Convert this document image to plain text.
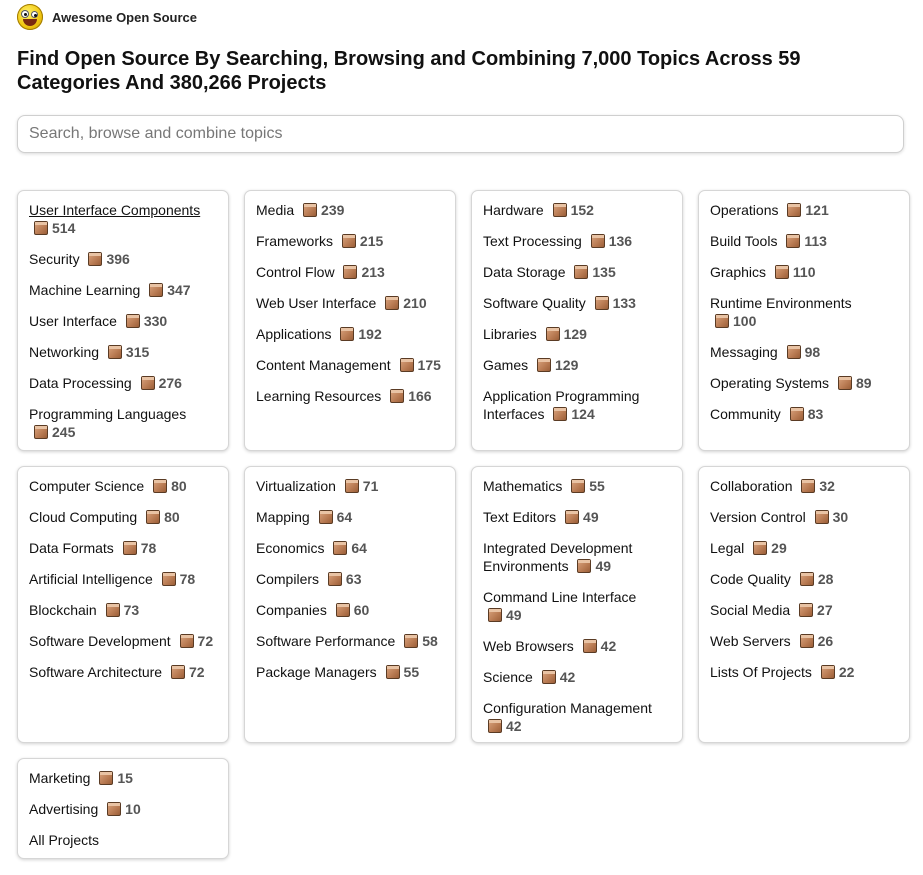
Awesome Open Source
Find Open Source By Searching, Browsing and Combining 7,000 Topics Across 59 Categories And 380,266 Projects
Search, browse and combine topics
User Interface Components 514
Security 396
Machine Learning 347
User Interface 330
Networking 315
Data Processing 276
Programming Languages 245
Media 239
Frameworks 215
Control Flow 213
Web User Interface 210
Applications 192
Content Management 175
Learning Resources 166
Hardware 152
Text Processing 136
Data Storage 135
Software Quality 133
Libraries 129
Games 129
Application Programming Interfaces 124
Operations 121
Build Tools 113
Graphics 110
Runtime Environments 100
Messaging 98
Operating Systems 89
Community 83
Computer Science 80
Cloud Computing 80
Data Formats 78
Artificial Intelligence 78
Blockchain 73
Software Development 72
Software Architecture 72
Virtualization 71
Mapping 64
Economics 64
Compilers 63
Companies 60
Software Performance 58
Package Managers 55
Mathematics 55
Text Editors 49
Integrated Development Environments 49
Command Line Interface 49
Web Browsers 42
Science 42
Configuration Management 42
Collaboration 32
Version Control 30
Legal 29
Code Quality 28
Social Media 27
Web Servers 26
Lists Of Projects 22
Marketing 15
Advertising 10
All Projects
